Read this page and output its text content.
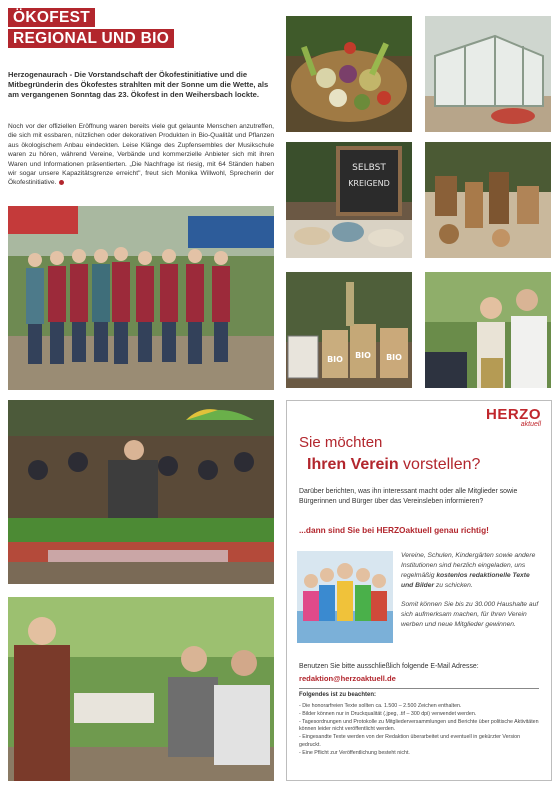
ÖKOFEST
REGIONAL UND BIO
Herzogenaurach - Die Vorstandschaft der Ökofestinitiative und die Mitbegründerin des Ökofestes strahlten mit der Sonne um die Wette, als am vergangenen Sonntag das 23. Ökofest in den Weihersbach lockte.
Noch vor der offiziellen Eröffnung waren bereits viele gut gelaunte Menschen anzutreffen, die sich mit essbaren, nützlichen oder dekorativen Produkten in Bio-Qualität und Pflanzen aus ökologischem Anbau eindeckten. Leise Klänge des Zupfensembles der Musikschule waren zu hören, während Vereine, Verbände und kommerzielle Anbieter sich mit ihren Waren und Informationen präsentierten. „Die Nachfrage ist riesig, mit 64 Ständen haben wir sogar unsere Kapazitätsgrenze erreicht", freut sich Monika Willwohl, Sprecherin der Ökofestinitiative.
SELBST
KREIGEND
BIO BIO BIO
HERZO
aktuell
Sie möchten
Ihren Verein vorstellen?
Darüber berichten, was ihn interessant macht oder alle Mitglieder sowie Bürgerinnen und Bürger über das Vereinsleben informieren?
...dann sind Sie bei HERZOaktuell genau richtig!
Vereine, Schulen, Kindergärten sowie andere Institutionen sind herzlich eingeladen, uns regelmäßig kostenlos redaktionelle Texte und Bilder zu schicken.
Somit können Sie bis zu 30.000 Haushalte auf sich aufmerksam machen, für Ihren Verein werben und neue Mitglieder gewinnen.
Benutzen Sie bitte ausschließlich folgende E-Mail Adresse:
redaktion@herzoaktuell.de
Folgendes ist zu beachten:
- Die honorarfreien Texte sollten ca. 1.500 – 2.500 Zeichen enthalten.
- Bilder können nur in Druckqualität (.jpeg, .tif – 300 dpi) verwendet werden.
- Tagesordnungen und Protokolle zu Mitgliederversammlungen und Berichte über politische Aktivitäten können leider nicht veröffentlicht werden.
- Eingesandte Texte werden von der Redaktion überarbeitet und eventuell in gekürzter Version gedruckt.
- Eine Pflicht zur Veröffentlichung besteht nicht.
